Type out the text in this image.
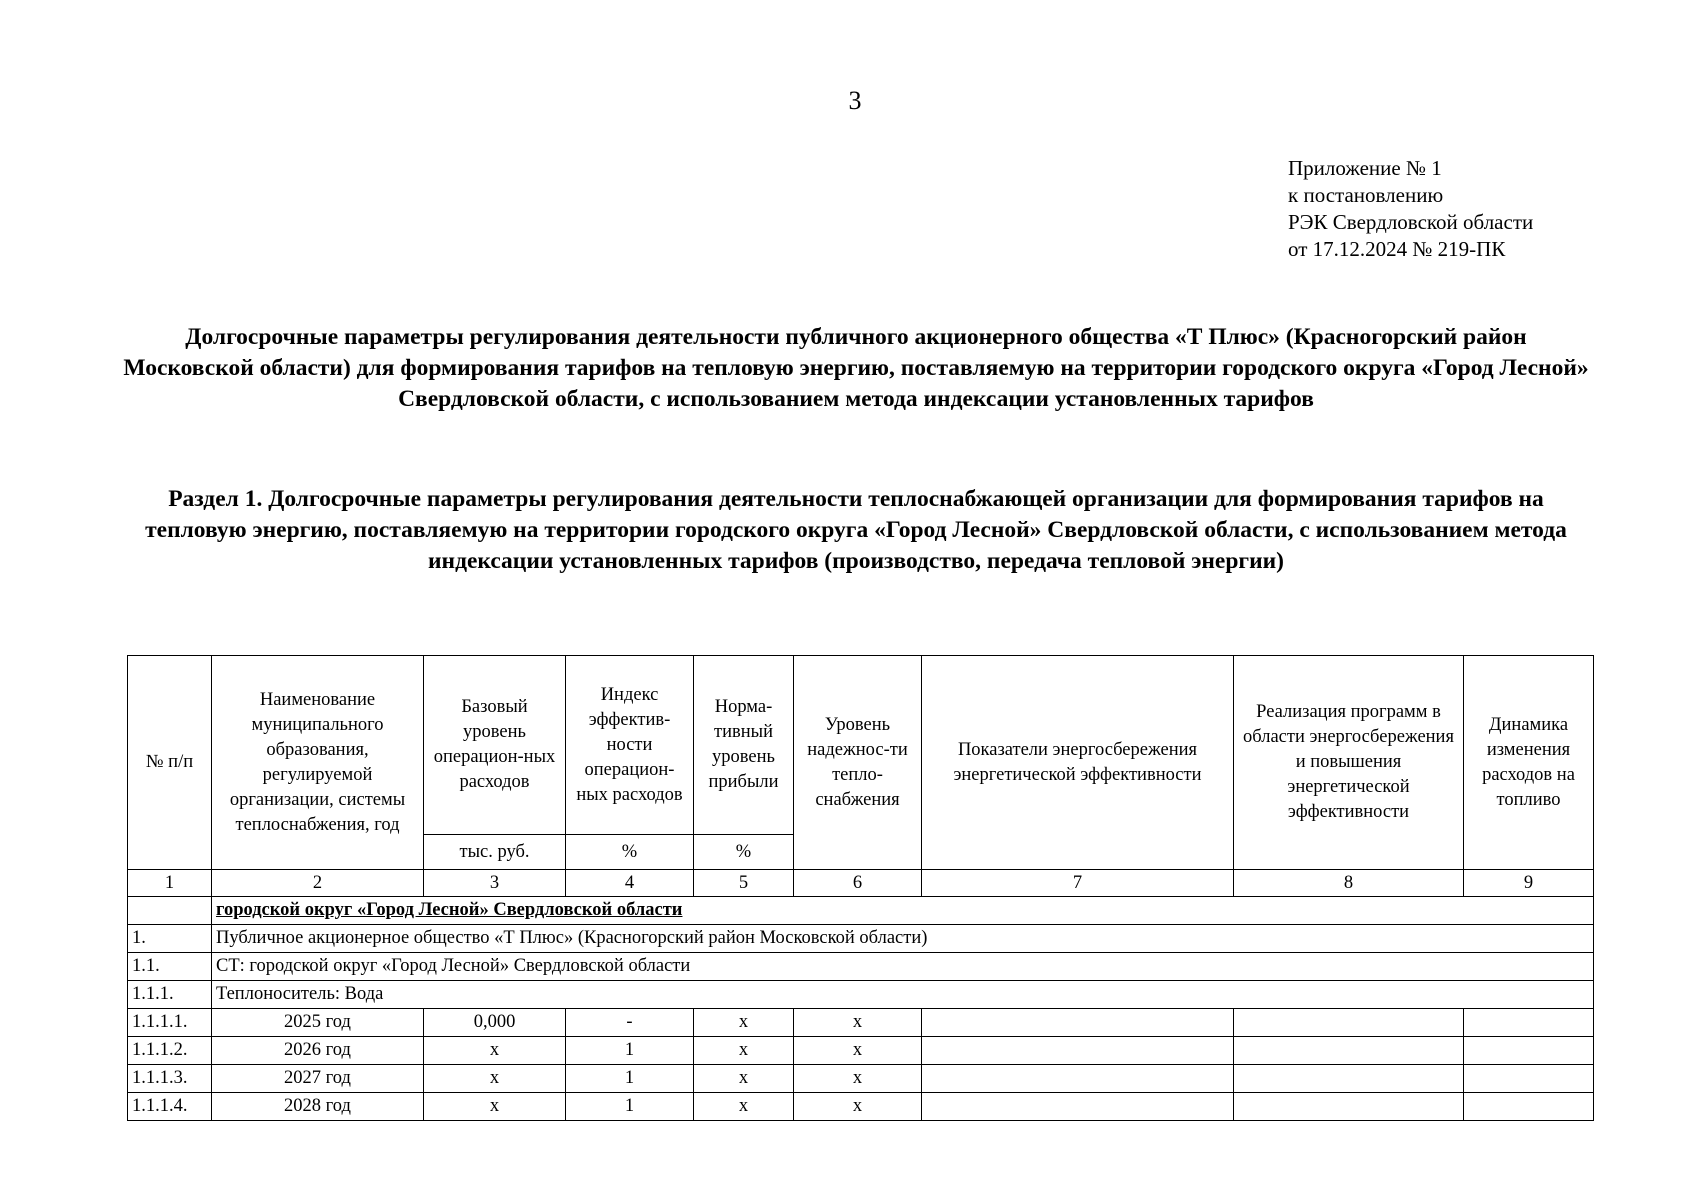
3
Приложение № 1
к постановлению
РЭК Свердловской области
от 17.12.2024 № 219-ПК

Долгосрочные параметры регулирования деятельности публичного акционерного общества «Т Плюс» (Красногорский район Московской области) для формирования тарифов на тепловую энергию, поставляемую на территории городского округа «Город Лесной» Свердловской области, с использованием метода индексации установленных тарифов

Раздел 1. Долгосрочные параметры регулирования деятельности теплоснабжающей организации для формирования тарифов на тепловую энергию, поставляемую на территории городского округа «Город Лесной» Свердловской области, с использованием метода индексации установленных тарифов (производство, передача тепловой энергии)

№ п/п	Наименование муниципального образования, регулируемой организации, системы теплоснабжения, год	Базовый уровень операцион-ных расходов	Индекс эффектив-ности операцион-ных расходов	Норма-тивный уровень прибыли	Уровень надежнос-ти тепло-снабжения	Показатели энергосбережения энергетической эффективности	Реализация программ в области энергосбережения и повышения энергетической эффективности	Динамика изменения расходов на топливо
		тыс. руб.	%	%				
1	2	3	4	5	6	7	8	9
	городской округ «Город Лесной» Свердловской области							
1.	Публичное акционерное общество «Т Плюс» (Красногорский район Московской области)							
1.1.	СТ: городской округ «Город Лесной» Свердловской области							
1.1.1.	Теплоноситель: Вода							
1.1.1.1.	2025 год	0,000	-	х	х			
1.1.1.2.	2026 год	х	1	х	х			
1.1.1.3.	2027 год	х	1	х	х			
1.1.1.4.	2028 год	х	1	х	х			
